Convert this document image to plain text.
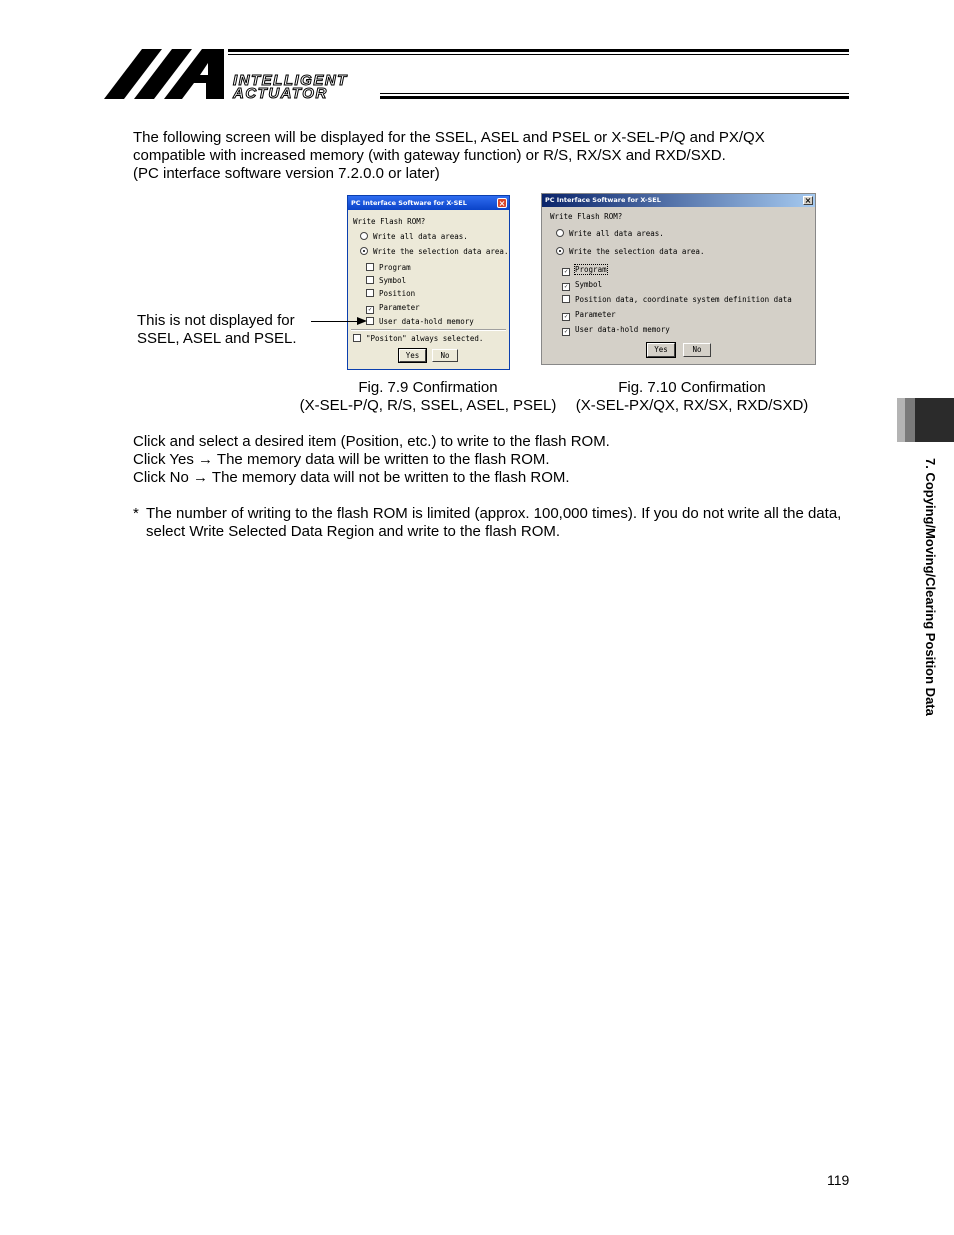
INTELLIGENT
ACTUATOR
The following screen will be displayed for the SSEL, ASEL and PSEL or X-SEL-P/Q and PX/QX
compatible with increased memory (with gateway function) or R/S, RX/SX and RXD/SXD.
(PC interface software version 7.2.0.0 or later)
PC Interface Software for X-SEL	×
Write Flash ROM?
Write all data areas.
Write the selection data area.
Program
Symbol
Position
✓ Parameter
User data-hold memory
"Positon" always selected.
Yes	No
PC Interface Software for X-SEL	×
Write Flash ROM?
Write all data areas.
Write the selection data area.
✓ Program
✓ Symbol
Position data, coordinate system definition data
✓ Parameter
✓ User data-hold memory
Yes	No
This is not displayed for
SSEL, ASEL and PSEL.
Fig. 7.9 Confirmation
(X-SEL-P/Q, R/S, SSEL, ASEL, PSEL)
Fig. 7.10 Confirmation
(X-SEL-PX/QX, RX/SX, RXD/SXD)
Click and select a desired item (Position, etc.) to write to the flash ROM.
Click Yes → The memory data will be written to the flash ROM.
Click No → The memory data will not be written to the flash ROM.
* The number of writing to the flash ROM is limited (approx. 100,000 times). If you do not write all the data,
select Write Selected Data Region and write to the flash ROM.	7. Copying/Moving/Clearing Position Data
119
